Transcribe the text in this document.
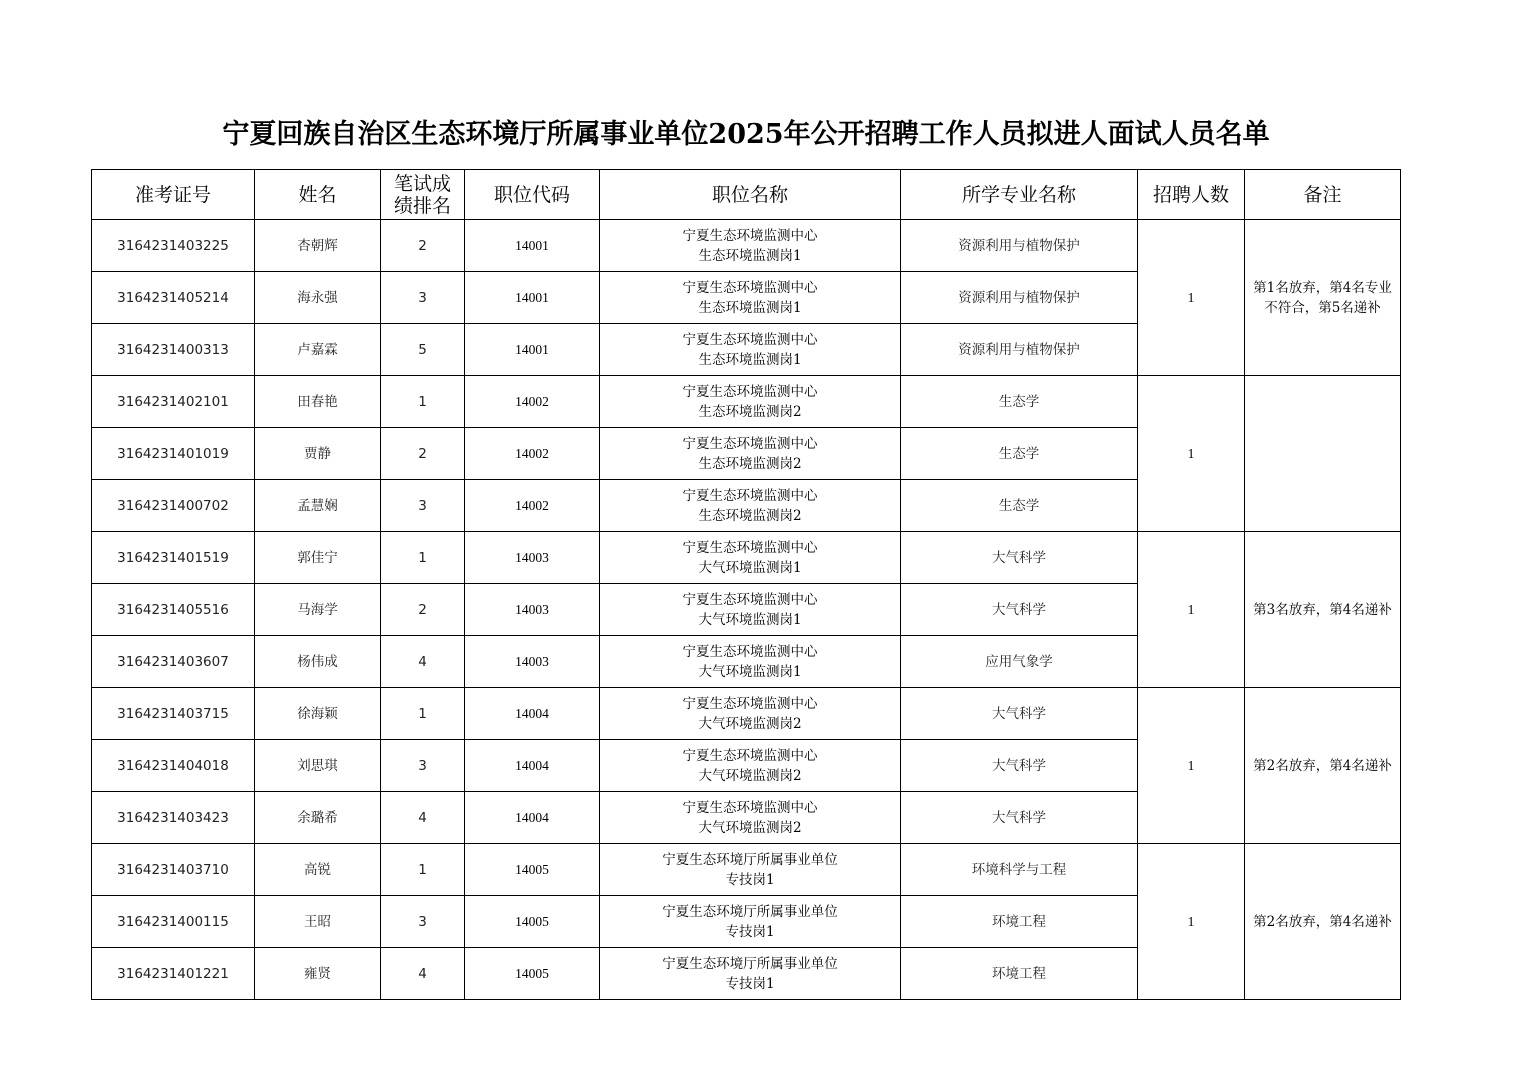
宁夏回族自治区生态环境厅所属事业单位2025年公开招聘工作人员拟进人面试人员名单
准考证号	姓名	笔试成
绩排名	职位代码	职位名称	所学专业名称	招聘人数	备注
3164231403225	杏朝辉	2	14001	宁夏生态环境监测中心
生态环境监测岗1	资源利用与植物保护	1	第1名放弃，第4名专业不符合，第5名递补
3164231405214	海永强	3	14001	宁夏生态环境监测中心
生态环境监测岗1	资源利用与植物保护		
3164231400313	卢嘉霖	5	14001	宁夏生态环境监测中心
生态环境监测岗1	资源利用与植物保护		
3164231402101	田春艳	1	14002	宁夏生态环境监测中心
生态环境监测岗2	生态学	1	
3164231401019	贾静	2	14002	宁夏生态环境监测中心
生态环境监测岗2	生态学		
3164231400702	孟慧娴	3	14002	宁夏生态环境监测中心
生态环境监测岗2	生态学		
3164231401519	郭佳宁	1	14003	宁夏生态环境监测中心
大气环境监测岗1	大气科学	1	第3名放弃，第4名递补
3164231405516	马海学	2	14003	宁夏生态环境监测中心
大气环境监测岗1	大气科学		
3164231403607	杨伟成	4	14003	宁夏生态环境监测中心
大气环境监测岗1	应用气象学		
3164231403715	徐海颖	1	14004	宁夏生态环境监测中心
大气环境监测岗2	大气科学	1	第2名放弃，第4名递补
3164231404018	刘思琪	3	14004	宁夏生态环境监测中心
大气环境监测岗2	大气科学		
3164231403423	余璐希	4	14004	宁夏生态环境监测中心
大气环境监测岗2	大气科学		
3164231403710	高锐	1	14005	宁夏生态环境厅所属事业单位
专技岗1	环境科学与工程	1	第2名放弃，第4名递补
3164231400115	王昭	3	14005	宁夏生态环境厅所属事业单位
专技岗1	环境工程		
3164231401221	雍贤	4	14005	宁夏生态环境厅所属事业单位
专技岗1	环境工程		
